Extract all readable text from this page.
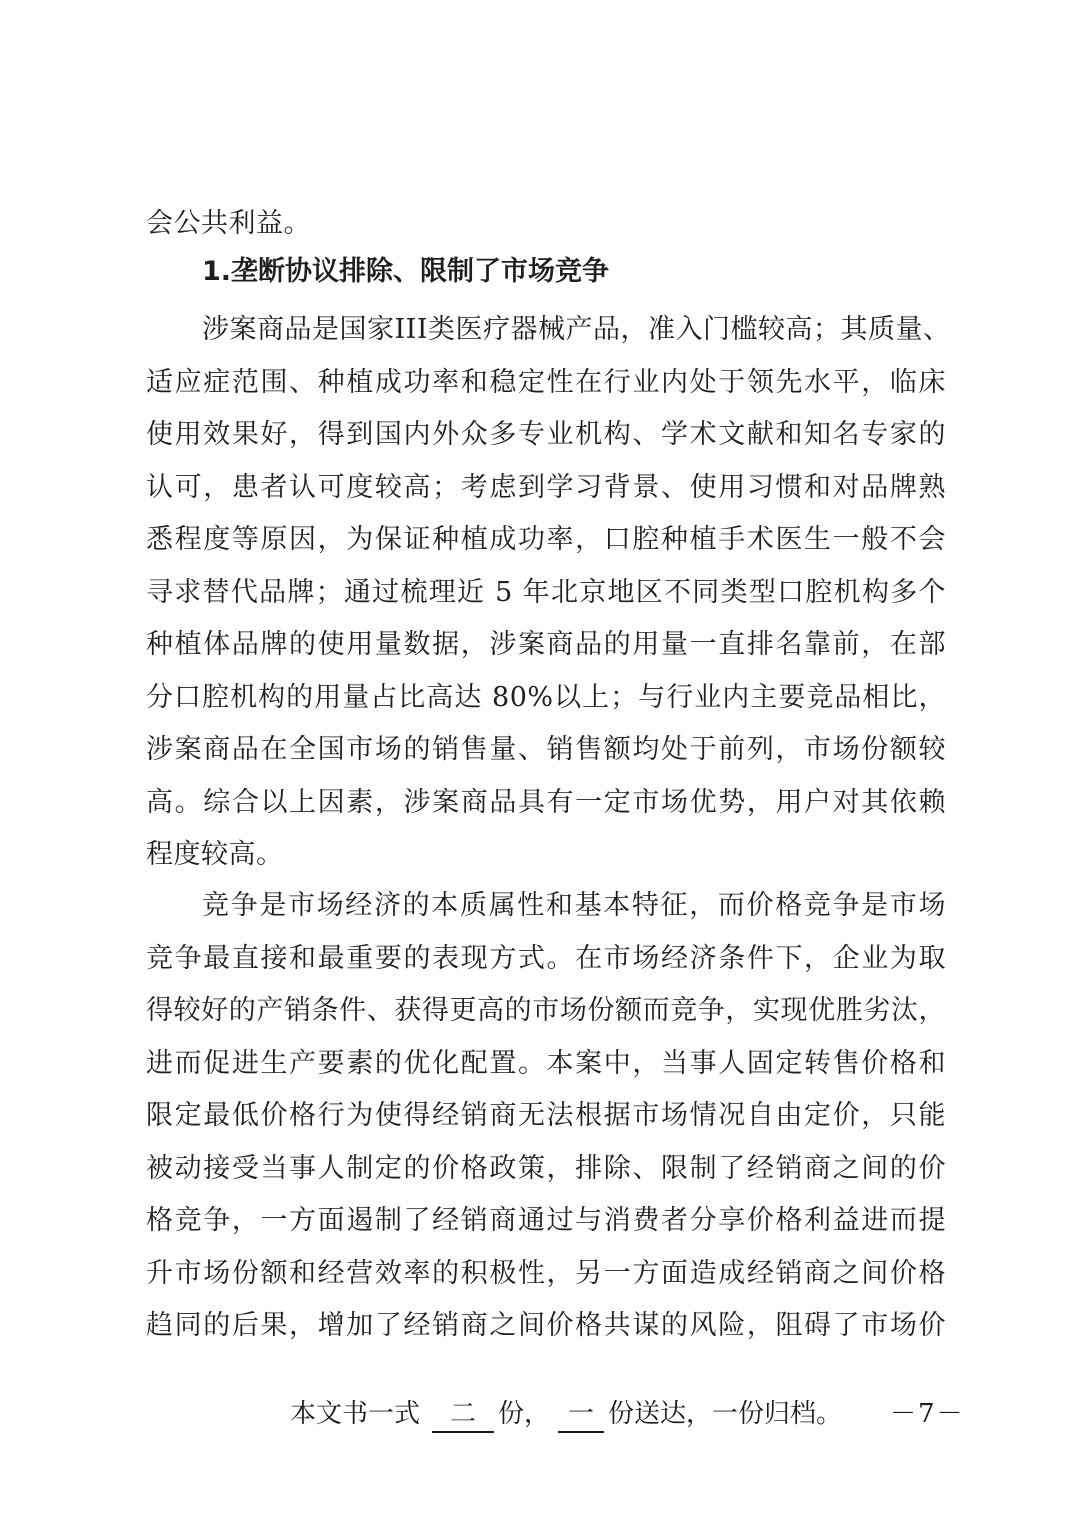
会公共利益。
1.垄断协议排除、限制了市场竞争
涉案商品是国家III类医疗器械产品，准入门槛较高；其质量、
适应症范围、种植成功率和稳定性在行业内处于领先水平，临床
使用效果好，得到国内外众多专业机构、学术文献和知名专家的
认可，患者认可度较高；考虑到学习背景、使用习惯和对品牌熟
悉程度等原因，为保证种植成功率，口腔种植手术医生一般不会
寻求替代品牌；通过梳理近 5 年北京地区不同类型口腔机构多个
种植体品牌的使用量数据，涉案商品的用量一直排名靠前，在部
分口腔机构的用量占比高达 80%以上；与行业内主要竞品相比，
涉案商品在全国市场的销售量、销售额均处于前列，市场份额较
高。综合以上因素，涉案商品具有一定市场优势，用户对其依赖
程度较高。
竞争是市场经济的本质属性和基本特征，而价格竞争是市场
竞争最直接和最重要的表现方式。在市场经济条件下，企业为取
得较好的产销条件、获得更高的市场份额而竞争，实现优胜劣汰，
进而促进生产要素的优化配置。本案中，当事人固定转售价格和
限定最低价格行为使得经销商无法根据市场情况自由定价，只能
被动接受当事人制定的价格政策，排除、限制了经销商之间的价
格竞争，一方面遏制了经销商通过与消费者分享价格利益进而提
升市场份额和经营效率的积极性，另一方面造成经销商之间价格
趋同的后果，增加了经销商之间价格共谋的风险，阻碍了市场价
本文书一式 二 份， 一 份送达，一份归档。 －7－
